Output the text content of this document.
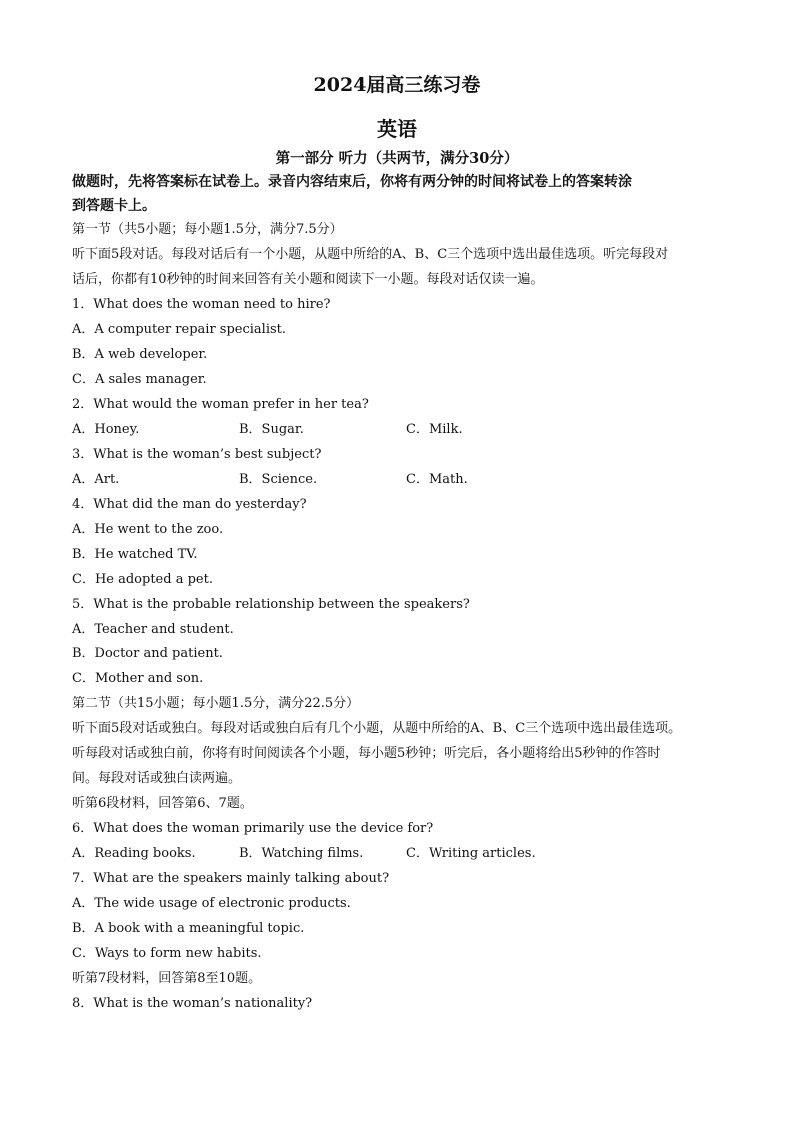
2024届高三练习卷
英语
第一部分 听力（共两节，满分30分）
做题时，先将答案标在试卷上。录音内容结束后，你将有两分钟的时间将试卷上的答案转涂
到答题卡上。
第一节（共5小题；每小题1.5分，满分7.5分）
听下面5段对话。每段对话后有一个小题，从题中所给的A、B、C三个选项中选出最佳选项。听完每段对
话后，你都有10秒钟的时间来回答有关小题和阅读下一小题。每段对话仅读一遍。
1．What does the woman need to hire?
A．A computer repair specialist.
B．A web developer.
C．A sales manager.
2．What would the woman prefer in her tea?
A．Honey.	B．Sugar.	C．Milk.
3．What is the woman’s best subject?
A．Art.	B．Science.	C．Math.
4．What did the man do yesterday?
A．He went to the zoo.
B．He watched TV.
C．He adopted a pet.
5．What is the probable relationship between the speakers?
A．Teacher and student.
B．Doctor and patient.
C．Mother and son.
第二节（共15小题；每小题1.5分，满分22.5分）
听下面5段对话或独白。每段对话或独白后有几个小题，从题中所给的A、B、C三个选项中选出最佳选项。
听每段对话或独白前，你将有时间阅读各个小题，每小题5秒钟；听完后，各小题将给出5秒钟的作答时
间。每段对话或独白读两遍。
听第6段材料，回答第6、7题。
6．What does the woman primarily use the device for?
A．Reading books.	B．Watching films.	C．Writing articles.
7．What are the speakers mainly talking about?
A．The wide usage of electronic products.
B．A book with a meaningful topic.
C．Ways to form new habits.
听第7段材料，回答第8至10题。
8．What is the woman’s nationality?
